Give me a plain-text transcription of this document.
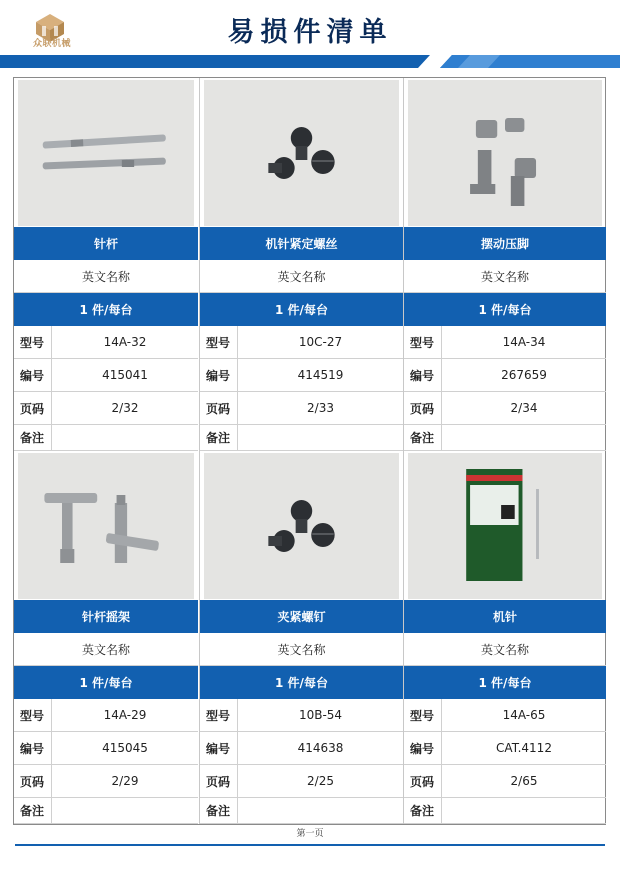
众联机械	易损件清单
针杆
英文名称
1 件/每台
型号	14A-32
编号	415041
页码	2/32
备注
针杆摇架
英文名称
1 件/每台
型号	14A-29
编号	415045
页码	2/29
备注
机针紧定螺丝
英文名称
1 件/每台
型号	10C-27
编号	414519
页码	2/33
备注
夹紧螺钉
英文名称
1 件/每台
型号	10B-54
编号	414638
页码	2/25
备注
摆动压脚
英文名称
1 件/每台
型号	14A-34
编号	267659
页码	2/34
备注
机针
英文名称
1 件/每台
型号	14A-65
编号	CAT.4112
页码	2/65
备注
第一页
